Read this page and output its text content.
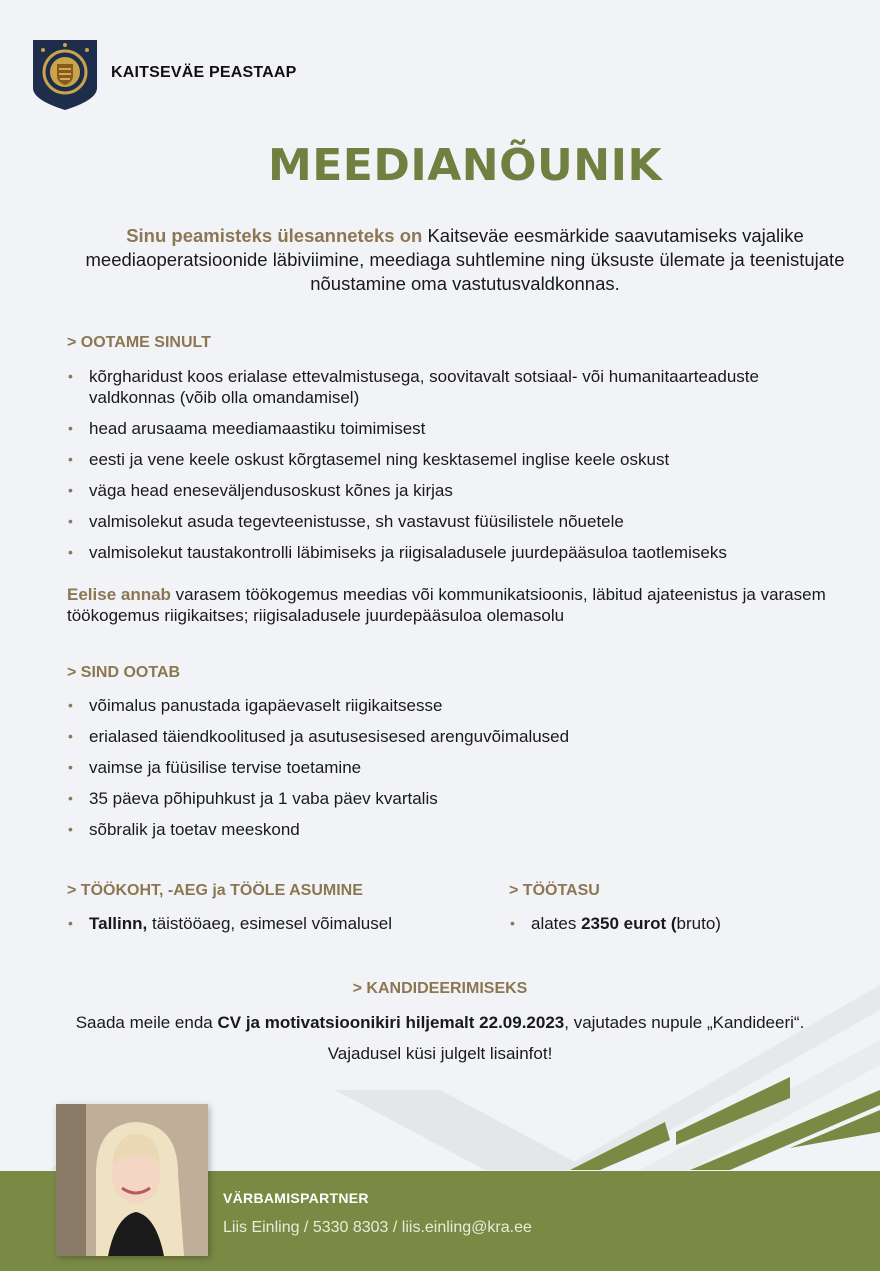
KAITSEVÄE PEASTAAP
MEEDIANÕUNIK
Sinu peamisteks ülesanneteks on Kaitseväe eesmärkide saavutamiseks vajalike meediaoperatsioonide läbiviimine, meediaga suhtlemine ning üksuste ülemate ja teenistujate nõustamine oma vastutusvaldkonnas.
> OOTAME SINULT
• kõrgharidust koos erialase ettevalmistusega, soovitavalt sotsiaal- või humanitaarteaduste valdkonnas (võib olla omandamisel)
• head arusaama meediamaastiku toimimisest
• eesti ja vene keele oskust kõrgtasemel ning kesktasemel inglise keele oskust
• väga head eneseväljendusoskust kõnes ja kirjas
• valmisolekut asuda tegevteenistusse, sh vastavust füüsilistele nõuetele
• valmisolekut taustakontrolli läbimiseks ja riigisaladusele juurdepääsuloa taotlemiseks
Eelise annab varasem töökogemus meedias või kommunikatsioonis, läbitud ajateenistus ja varasem töökogemus riigikaitses; riigisaladusele juurdepääsuloa olemasolu
> SIND OOTAB
• võimalus panustada igapäevaselt riigikaitsesse
• erialased täiendkoolitused ja asutusesisesed arenguvõimalused
• vaimse ja füüsilise tervise toetamine
• 35 päeva põhipuhkust ja 1 vaba päev kvartalis
• sõbralik ja toetav meeskond
> TÖÖKOHT, -AEG ja TÖÖLE ASUMINE
• Tallinn, täistööaeg, esimesel võimalusel
> TÖÖTASU
• alates 2350 eurot (bruto)
> KANDIDEERIMISEKS
Saada meile enda CV ja motivatsioonikiri hiljemalt 22.09.2023, vajutades nupule „Kandideeri“.
Vajadusel küsi julgelt lisainfot!
VÄRBAMISPARTNER
Liis Einling / 5330 8303 / liis.einling@kra.ee
